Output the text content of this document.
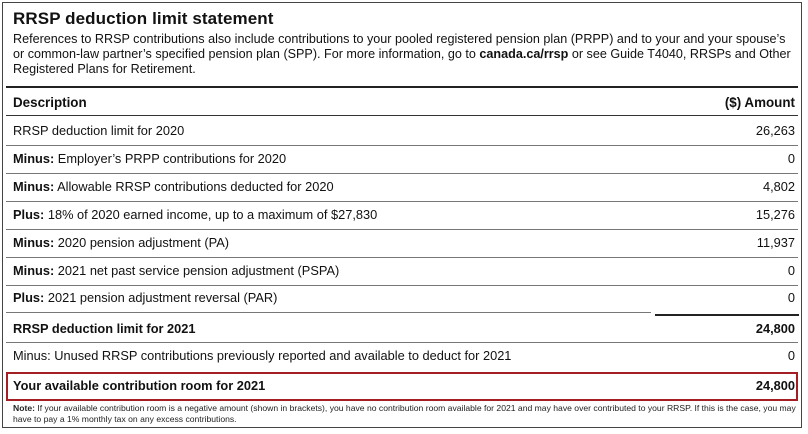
RRSP deduction limit statement
References to RRSP contributions also include contributions to your pooled registered pension plan (PRPP) and to your and your spouse’s or common-law partner’s specified pension plan (SPP). For more information, go to canada.ca/rrsp or see Guide T4040, RRSPs and Other Registered Plans for Retirement.
Description	($) Amount
RRSP deduction limit for 2020	26,263
Minus: Employer’s PRPP contributions for 2020	0
Minus: Allowable RRSP contributions deducted for 2020	4,802
Plus: 18% of 2020 earned income, up to a maximum of $27,830	15,276
Minus: 2020 pension adjustment (PA)	11,937
Minus: 2021 net past service pension adjustment (PSPA)	0
Plus: 2021 pension adjustment reversal (PAR)	0
RRSP deduction limit for 2021	24,800
Minus: Unused RRSP contributions previously reported and available to deduct for 2021	0
Your available contribution room for 2021	24,800
Note: If your available contribution room is a negative amount (shown in brackets), you have no contribution room available for 2021 and may have over contributed to your RRSP. If this is the case, you may have to pay a 1% monthly tax on any excess contributions.
